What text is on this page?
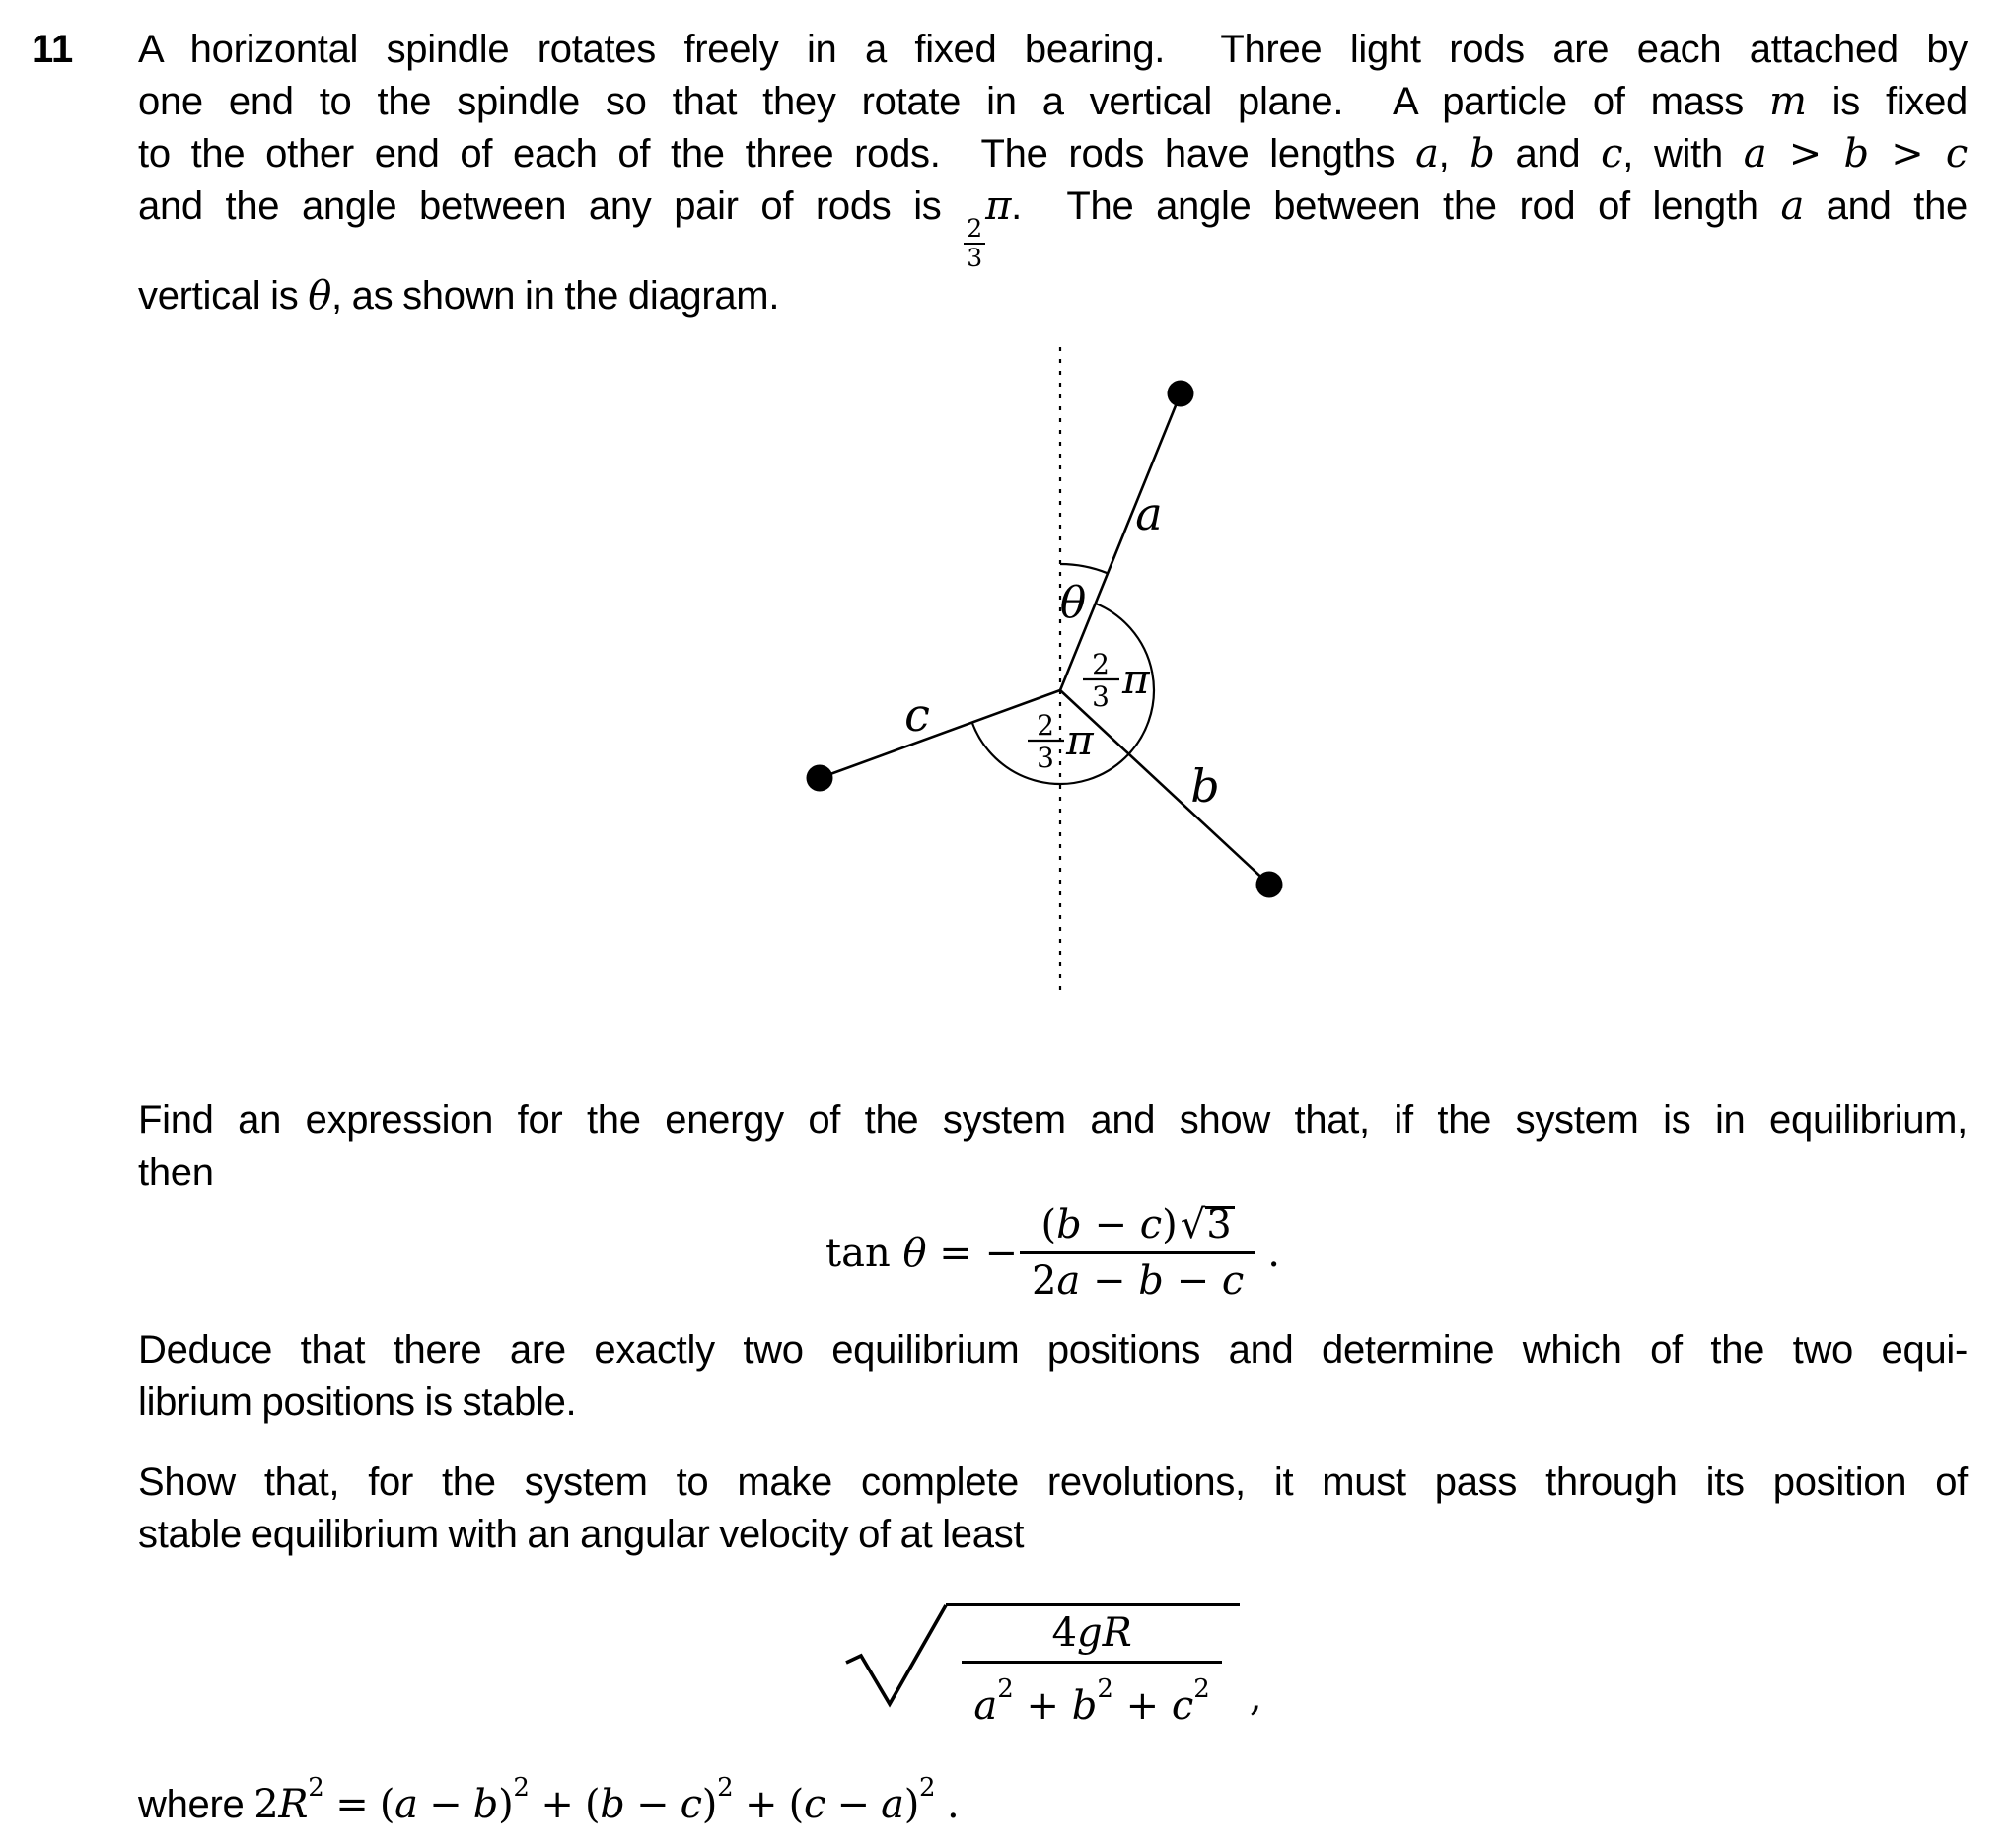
11 A horizontal spindle rotates freely in a fixed bearing.  Three light rods are each attached by
one end to the spindle so that they rotate in a vertical plane.  A particle of mass m is fixed
to the other end of each of the three rods.  The rods have lengths a, b and c, with a > b > c
and the angle between any pair of rods is
$\frac{2}{3}$
π.  The angle between the rod of length a and the
vertical is θ, as shown in the diagram.
a
b
c
θ
2
3 π
2
3 π
Find an expression for the energy of the system and show that, if the system is in equilibrium,
then
tan θ = − $\frac{(b - c) √ 3}{2a - b - c}$ .
Deduce that there are exactly two equilibrium positions and determine which of the two equi-
librium positions is stable.
Show that, for the system to make complete revolutions, it must pass through its position of
stable equilibrium with an angular velocity of at least
$\frac{4gR}{a^2 + b^2 + c^2}$ ,
where $2R^2 = (a - b)^2 + (b - c)^2 + (c - a)^2$ .
